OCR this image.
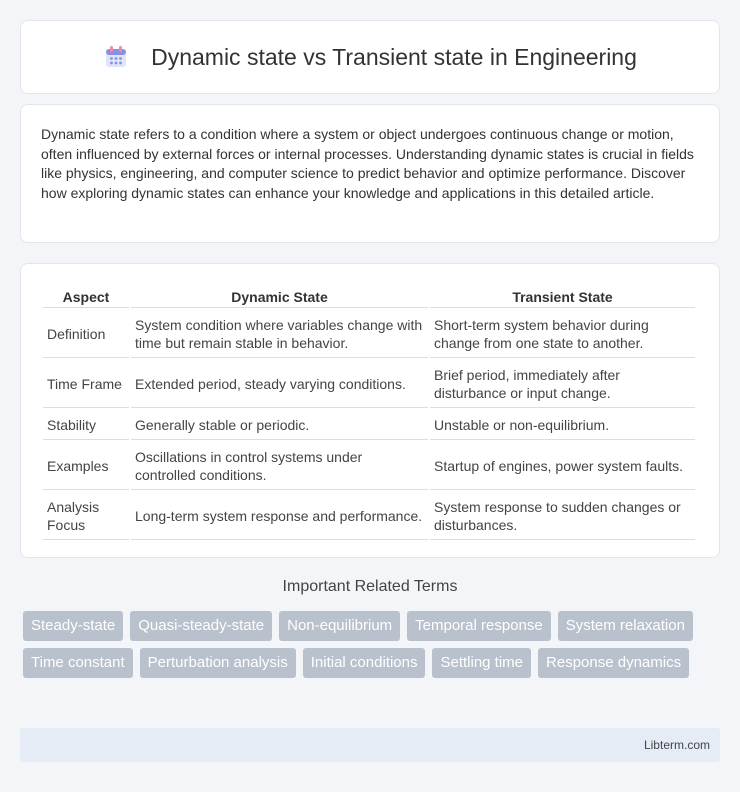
Dynamic state vs Transient state in Engineering

Dynamic state refers to a condition where a system or object undergoes continuous change or motion, often influenced by external forces or internal processes. Understanding dynamic states is crucial in fields like physics, engineering, and computer science to predict behavior and optimize performance. Discover how exploring dynamic states can enhance your knowledge and applications in this detailed article.

Aspect	Dynamic State	Transient State
Definition	System condition where variables change with time but remain stable in behavior.	Short-term system behavior during change from one state to another.
Time Frame	Extended period, steady varying conditions.	Brief period, immediately after disturbance or input change.
Stability	Generally stable or periodic.	Unstable or non-equilibrium.
Examples	Oscillations in control systems under controlled conditions.	Startup of engines, power system faults.
Analysis Focus	Long-term system response and performance.	System response to sudden changes or disturbances.
Important Related Terms
Steady-state	Quasi-steady-state	Non-equilibrium	Temporal response	System relaxation
Time constant	Perturbation analysis	Initial conditions	Settling time	Response dynamics
Libterm.com
